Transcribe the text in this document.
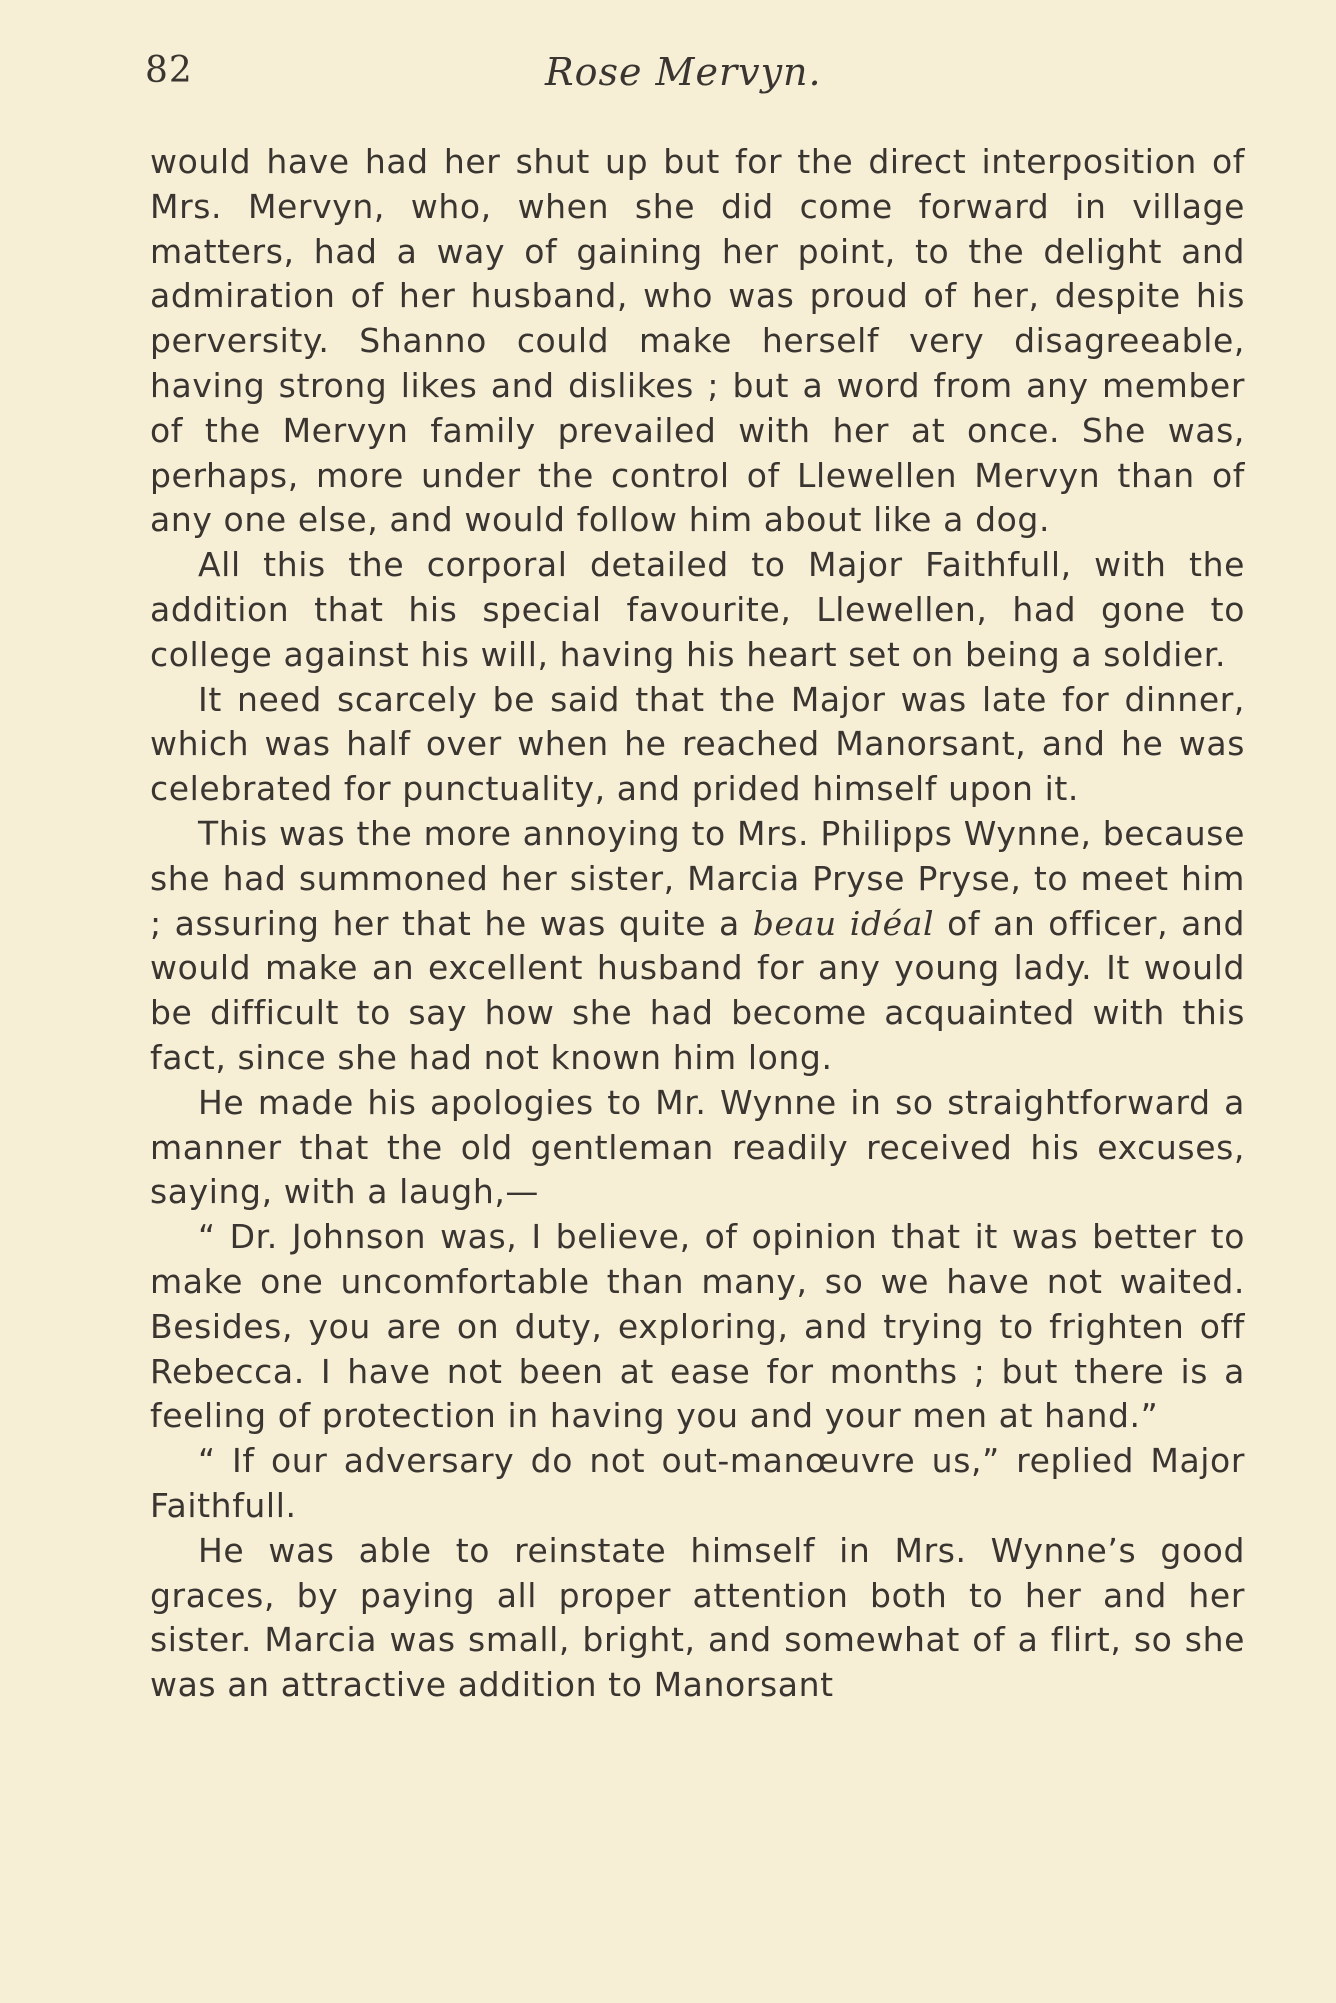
82	Rose Mervyn.

would have had her shut up but for the direct interposition of Mrs. Mervyn, who, when she did come forward in village matters, had a way of gaining her point, to the delight and admiration of her husband, who was proud of her, despite his perversity. Shanno could make herself very disagreeable, having strong likes and dislikes ; but a word from any member of the Mervyn family prevailed with her at once. She was, perhaps, more under the control of Llewellen Mervyn than of any one else, and would follow him about like a dog.

All this the corporal detailed to Major Faithfull, with the addition that his special favourite, Llewellen, had gone to college against his will, having his heart set on being a soldier.

It need scarcely be said that the Major was late for dinner, which was half over when he reached Manorsant, and he was celebrated for punctuality, and prided himself upon it.

This was the more annoying to Mrs. Philipps Wynne, because she had summoned her sister, Marcia Pryse Pryse, to meet him ; assuring her that he was quite a beau idéal of an officer, and would make an excellent husband for any young lady. It would be difficult to say how she had become acquainted with this fact, since she had not known him long.

He made his apologies to Mr. Wynne in so straightforward a manner that the old gentleman readily received his excuses, saying, with a laugh,—

“ Dr. Johnson was, I believe, of opinion that it was better to make one uncomfortable than many, so we have not waited. Besides, you are on duty, exploring, and trying to frighten off Rebecca. I have not been at ease for months ; but there is a feeling of protection in having you and your men at hand.”

“ If our adversary do not out-manœuvre us,” replied Major Faithfull.

He was able to reinstate himself in Mrs. Wynne’s good graces, by paying all proper attention both to her and her sister. Marcia was small, bright, and somewhat of a flirt, so she was an attractive addition to Manorsant
